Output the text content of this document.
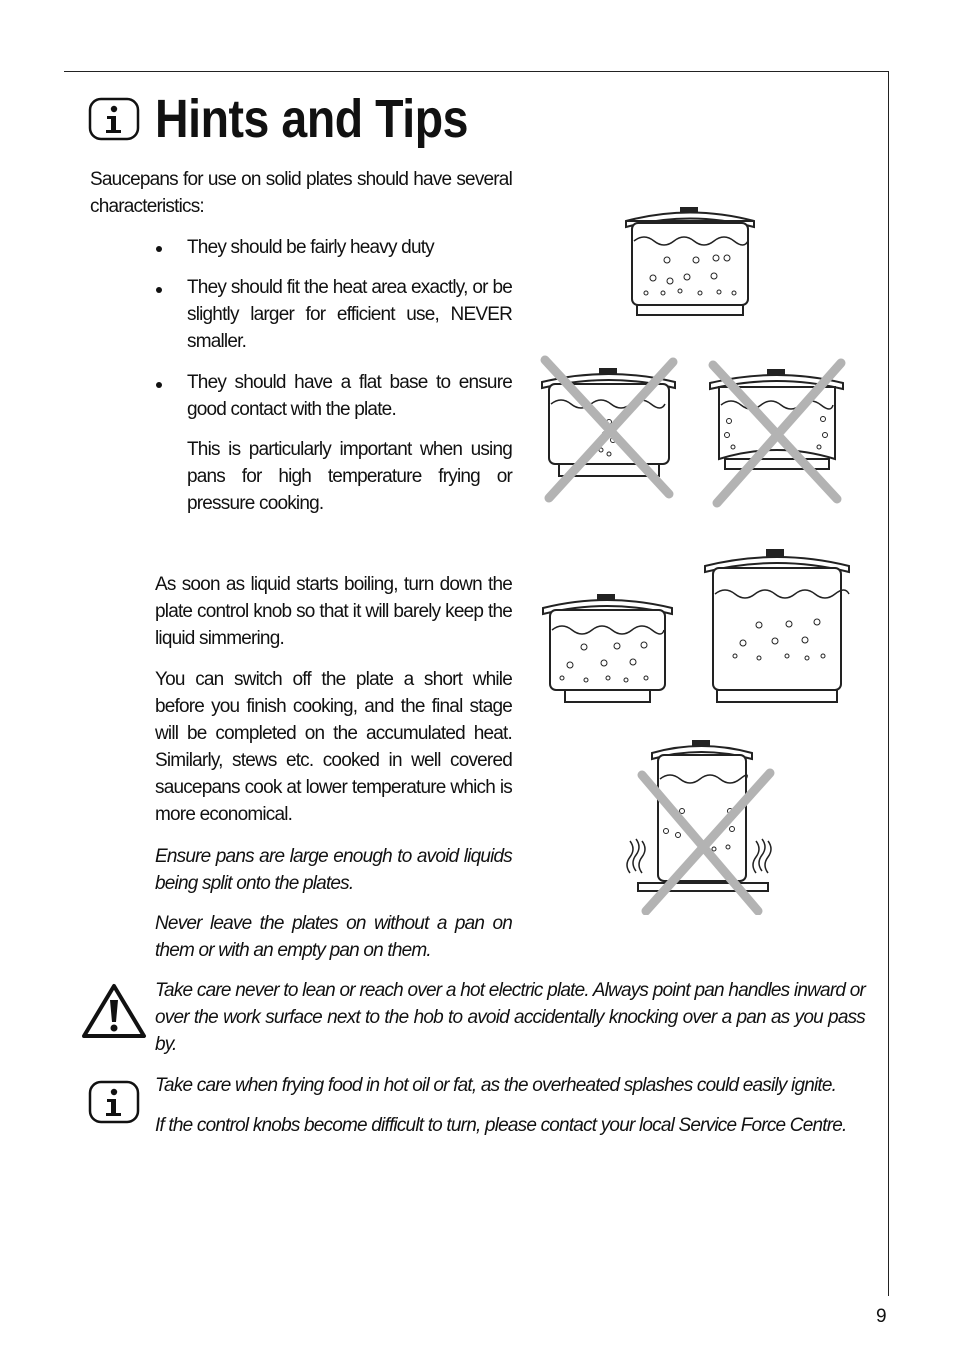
Hints and Tips

Saucepans for use on solid plates should have several characteristics:

They should be fairly heavy duty

They should fit the heat area exactly, or be slightly larger for efficient use, NEVER smaller.

They should have a flat base to ensure good contact with the plate.

This is particularly important when using pans for high temperature frying or pressure cooking.

As soon as liquid starts boiling, turn down the plate control knob so that it will barely keep the liquid simmering.

You can switch off the plate a short while before you finish cooking, and the final stage will be completed on the accumulated heat. Similarly, stews etc. cooked in well covered saucepans cook at lower temperature which is more economical.

Ensure pans are large enough to avoid liquids being split onto the plates.

Never leave the plates on without a pan on them or with an empty pan on them.

Take care never to lean or reach over a hot electric plate. Always point pan handles inward or over the work surface next to the hob to avoid accidentally knocking over a pan as you pass by.

Take care when frying food in hot oil or fat, as the overheated splashes could easily ignite.

If the control knobs become difficult to turn, please contact your local Service Force Centre.

9
